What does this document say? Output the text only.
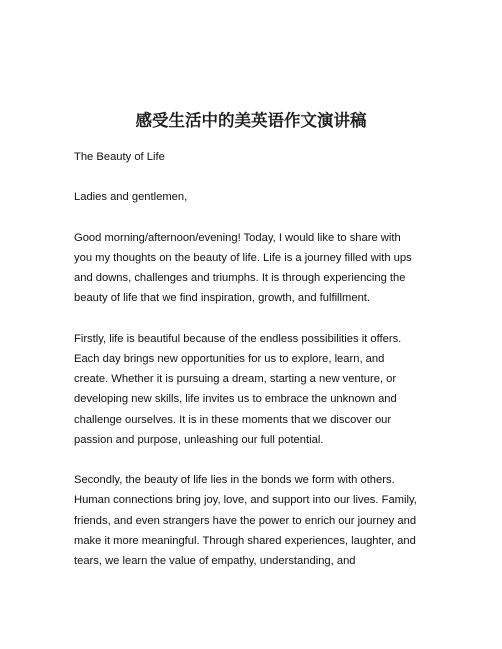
感受生活中的美英语作文演讲稿

The Beauty of Life

Ladies and gentlemen,

Good morning/afternoon/evening! Today, I would like to share with
you my thoughts on the beauty of life. Life is a journey filled with ups
and downs, challenges and triumphs. It is through experiencing the
beauty of life that we find inspiration, growth, and fulfillment.

Firstly, life is beautiful because of the endless possibilities it offers.
Each day brings new opportunities for us to explore, learn, and
create. Whether it is pursuing a dream, starting a new venture, or
developing new skills, life invites us to embrace the unknown and
challenge ourselves. It is in these moments that we discover our
passion and purpose, unleashing our full potential.

Secondly, the beauty of life lies in the bonds we form with others.
Human connections bring joy, love, and support into our lives. Family,
friends, and even strangers have the power to enrich our journey and
make it more meaningful. Through shared experiences, laughter, and
tears, we learn the value of empathy, understanding, and
